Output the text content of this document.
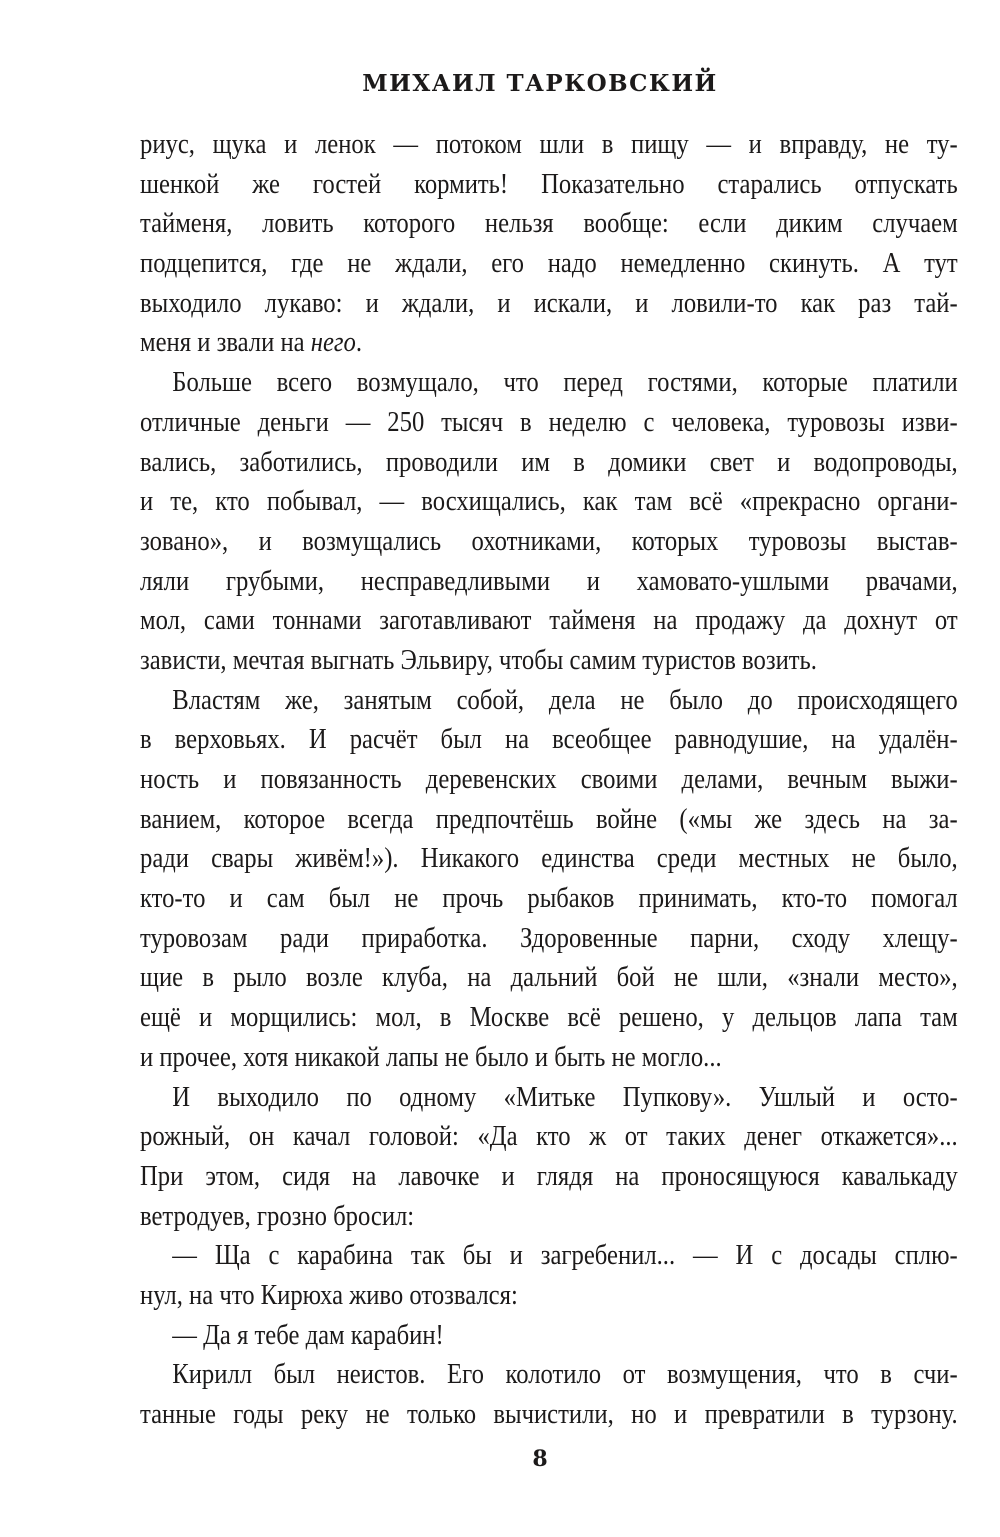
МИХАИЛ ТАРКОВСКИЙ
риус, щука и ленок — потоком шли в пищу — и вправду, не ту-
шенкой же гостей кормить! Показательно старались отпускать
тайменя, ловить которого нельзя вообще: если диким случаем
подцепится, где не ждали, его надо немедленно скинуть. А тут
выходило лукаво: и ждали, и искали, и ловили-то как раз тай-
меня и звали на него.
Больше всего возмущало, что перед гостями, которые платили
отличные деньги — 250 тысяч в неделю с человека, туровозы изви-
вались, заботились, проводили им в домики свет и водопроводы,
и те, кто побывал, — восхищались, как там всё «прекрасно органи-
зовано», и возмущались охотниками, которых туровозы выстав-
ляли грубыми, несправедливыми и хамовато-ушлыми рвачами,
мол, сами тоннами заготавливают тайменя на продажу да дохнут от
зависти, мечтая выгнать Эльвиру, чтобы самим туристов возить.
Властям же, занятым собой, дела не было до происходящего
в верховьях. И расчёт был на всеобщее равнодушие, на удалён-
ность и повязанность деревенских своими делами, вечным выжи-
ванием, которое всегда предпочтёшь войне («мы же здесь на за-
ради свары живём!»). Никакого единства среди местных не было,
кто-то и сам был не прочь рыбаков принимать, кто-то помогал
туровозам ради приработка. Здоровенные парни, сходу хлещу-
щие в рыло возле клуба, на дальний бой не шли, «знали место»,
ещё и морщились: мол, в Москве всё решено, у дельцов лапа там
и прочее, хотя никакой лапы не было и быть не могло...
И выходило по одному «Митьке Пупкову». Ушлый и осто-
рожный, он качал головой: «Да кто ж от таких денег откажется»...
При этом, сидя на лавочке и глядя на проносящуюся кавалькаду
ветродуев, грозно бросил:
— Ща с карабина так бы и загребенил... — И с досады сплю-
нул, на что Кирюха живо отозвался:
— Да я тебе дам карабин!
Кирилл был неистов. Его колотило от возмущения, что в счи-
танные годы реку не только вычистили, но и превратили в турзону.
8
